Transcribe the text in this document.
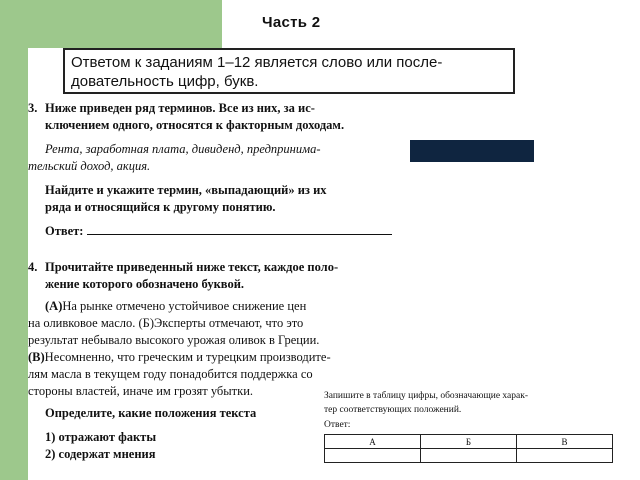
Часть 2
Ответом к заданиям 1–12 является слово или после-
довательность цифр, букв.
3. Ниже приведен ряд терминов. Все из них, за ис-
ключением одного, относятся к факторным доходам.
Рента, заработная плата, дивиденд, предпринима-
тельский доход, акция.
Найдите и укажите термин, «выпадающий» из их
ряда и относящийся к другому понятию.
Ответ:
4. Прочитайте приведенный ниже текст, каждое поло-
жение которого обозначено буквой.
(А)На рынке отмечено устойчивое снижение цен
на оливковое масло. (Б)Эксперты отмечают, что это
результат небывало высокого урожая оливок в Греции.
(В)Несомненно, что греческим и турецким производите-
лям масла в текущем году понадобится поддержка со
стороны властей, иначе им грозят убытки.
Определите, какие положения текста
1) отражают факты
2) содержат мнения
Запишите в таблицу цифры, обозначающие харак-
тер соответствующих положений.
Ответ:
А	Б	В
